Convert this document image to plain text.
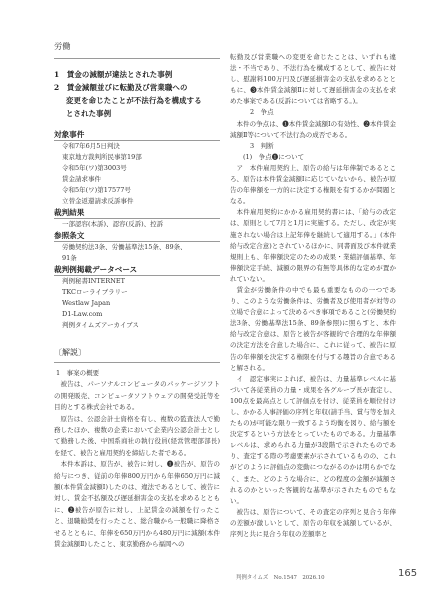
労働
1　賃金の減額が違法とされた事例
2　賃金減額並びに転勤及び営業職への
変更を命じたことが不法行為を構成する
とされた事例
対象事件
令和7年6月5日判決
東京地方裁判所民事第19部
令和5年(ワ)第3003号
賃金請求事件
令和5年(ワ)第17577号
立替金返還請求反訴事件
裁判結果
一部認容(本訴)、認容(反訴)、控訴
参照条文
労働契約法3条、労働基準法15条、89条、
91条
裁判例掲載データベース
判例秘書INTERNET
TKCローライブラリー
Westlaw Japan
D1-Law.com
判例タイムズアーカイブス
〔解説〕
1　事案の概要

被告は、パーソナルコンピュータのパッケージソフトの開発販売、コンピュータソフトウェアの開発受託等を目的とする株式会社である。

原告は、公認会計士資格を有し、複数の監査法人で勤務したほか、複数の企業において企業内公認会計士として勤務した後、中国系商社の執行役員(経営管理部部長)を経て、被告と雇用契約を締結した者である。

本件本訴は、原告が、被告に対し、❶被告が、原告の給与につき、従前の年俸800万円から年俸650万円に減額(本件賃金減額Ⅰ)したのは、違法であるとして、被告に対し、賃金不払額及び遅延損害金の支払を求めるとともに、❷被告が原告に対し、上記賃金の減額を行ったこと、退職勧奨を行ったこと、総合職から一般職に降格させるとともに、年俸を650万円から480万円に減額(本件賃金減額Ⅱ)したこと、東京勤務から福岡への

転勤及び営業職への変更を命じたことは、いずれも違法・不当であり、不法行為を構成するとして、被告に対し、慰謝料100万円及び遅延損害金の支払を求めるとともに、❸本件賃金減額Ⅱに対して遅延損害金の支払を求めた事案である(反訴については省略する。)。

2　争点

本件の争点は、❶本件賃金減額Ⅰの有効性、❷本件賃金減額Ⅱ等について不法行為の成否である。

3　判断
(1)　争点❶について

ア　本件雇用契約上、原告の給与は年俸制であるところ、原告は本件賃金減額Ⅰに応じていないから、被告が原告の年俸額を一方的に決定する権限を有するかが問題となる。

本件雇用契約にかかる雇用契約書には、「給与の改定は、原則として7月と1月に実施する。ただし、改定が実施されない場合は上記年俸を継続して適用する。」(本件給与改定合意)とされているほかに、同書面及び本件就業規則上も、年俸額決定のための成果・業績評価基準、年俸額決定手続、減額の限界の有無等具体的な定めが置かれていない。

賃金が労働条件の中でも最も重要なものの一つであり、このような労働条件は、労働者及び使用者が対等の立場で合意によって決めるべき事項であること(労働契約法3条、労働基準法15条、89条参照)に照らすと、本件給与改定合意は、原告と被告が客観的で合理的な年俸額の決定方法を合意した場合に、これに従って、被告に原告の年俸額を決定する権限を付与する趣旨の合意であると解される。

イ　認定事実によれば、被告は、力量基準レベルに基づいて各従業員の力量・成果を各グループ長が査定し、100点を最高点として評価点を付け、従業員を順位付けし、かかる人事評価の序列と年収(請手当、賞与等を加えたもの)が可能な限り一致するよう均衡を図り、給与額を決定するという方法をとっていたものである。力量基準レベルは、求められる力量が3段階で示されたものであり、査定する際の考慮要素が示されているものの、これがどのように評価点の変動につながるのかは明らかでなく、また、どのような場合に、どの程度の金額が減額されるのかといった客観的な基準が示されたものでもない。

被告は、原告について、その査定の序列と見合う年俸の差額が激しいとして、原告の年収を減額しているが、序列と共に見合う年収の差額率と

判例タイムズ　No.1547　2026.10	165
